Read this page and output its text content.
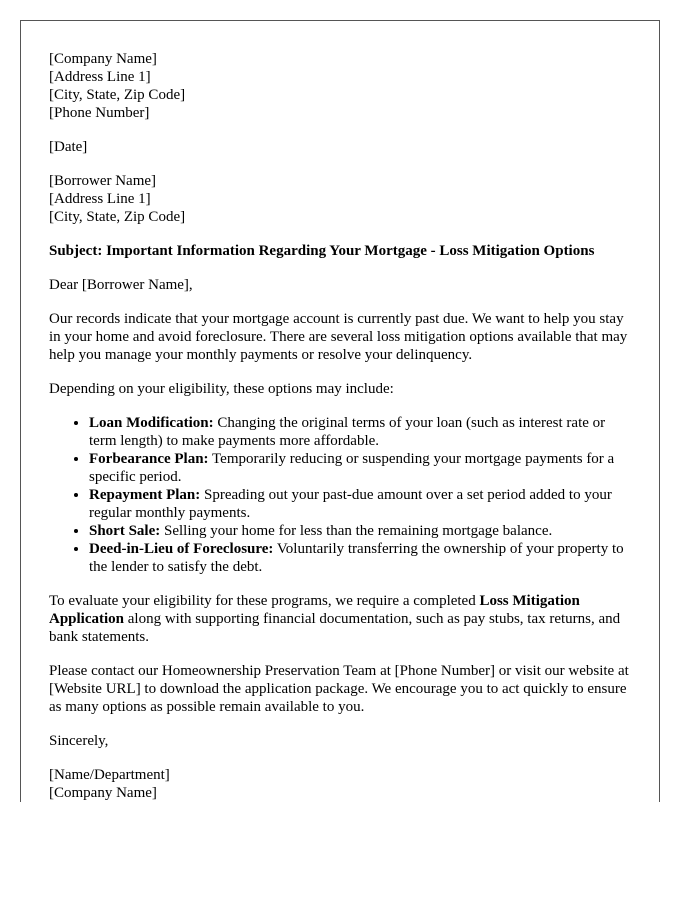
[Company Name]
[Address Line 1]
[City, State, Zip Code]
[Phone Number]
[Date]
[Borrower Name]
[Address Line 1]
[City, State, Zip Code]

Subject: Important Information Regarding Your Mortgage - Loss Mitigation Options

Dear [Borrower Name],

Our records indicate that your mortgage account is currently past due. We want to help you stay in your home and avoid foreclosure. There are several loss mitigation options available that may help you manage your monthly payments or resolve your delinquency.

Depending on your eligibility, these options may include:

• Loan Modification: Changing the original terms of your loan (such as interest rate or term length) to make payments more affordable.
• Forbearance Plan: Temporarily reducing or suspending your mortgage payments for a specific period.
• Repayment Plan: Spreading out your past-due amount over a set period added to your regular monthly payments.
• Short Sale: Selling your home for less than the remaining mortgage balance.
• Deed-in-Lieu of Foreclosure: Voluntarily transferring the ownership of your property to the lender to satisfy the debt.

To evaluate your eligibility for these programs, we require a completed Loss Mitigation Application along with supporting financial documentation, such as pay stubs, tax returns, and bank statements.

Please contact our Homeownership Preservation Team at [Phone Number] or visit our website at [Website URL] to download the application package. We encourage you to act quickly to ensure as many options as possible remain available to you.

Sincerely,

[Name/Department]
[Company Name]
